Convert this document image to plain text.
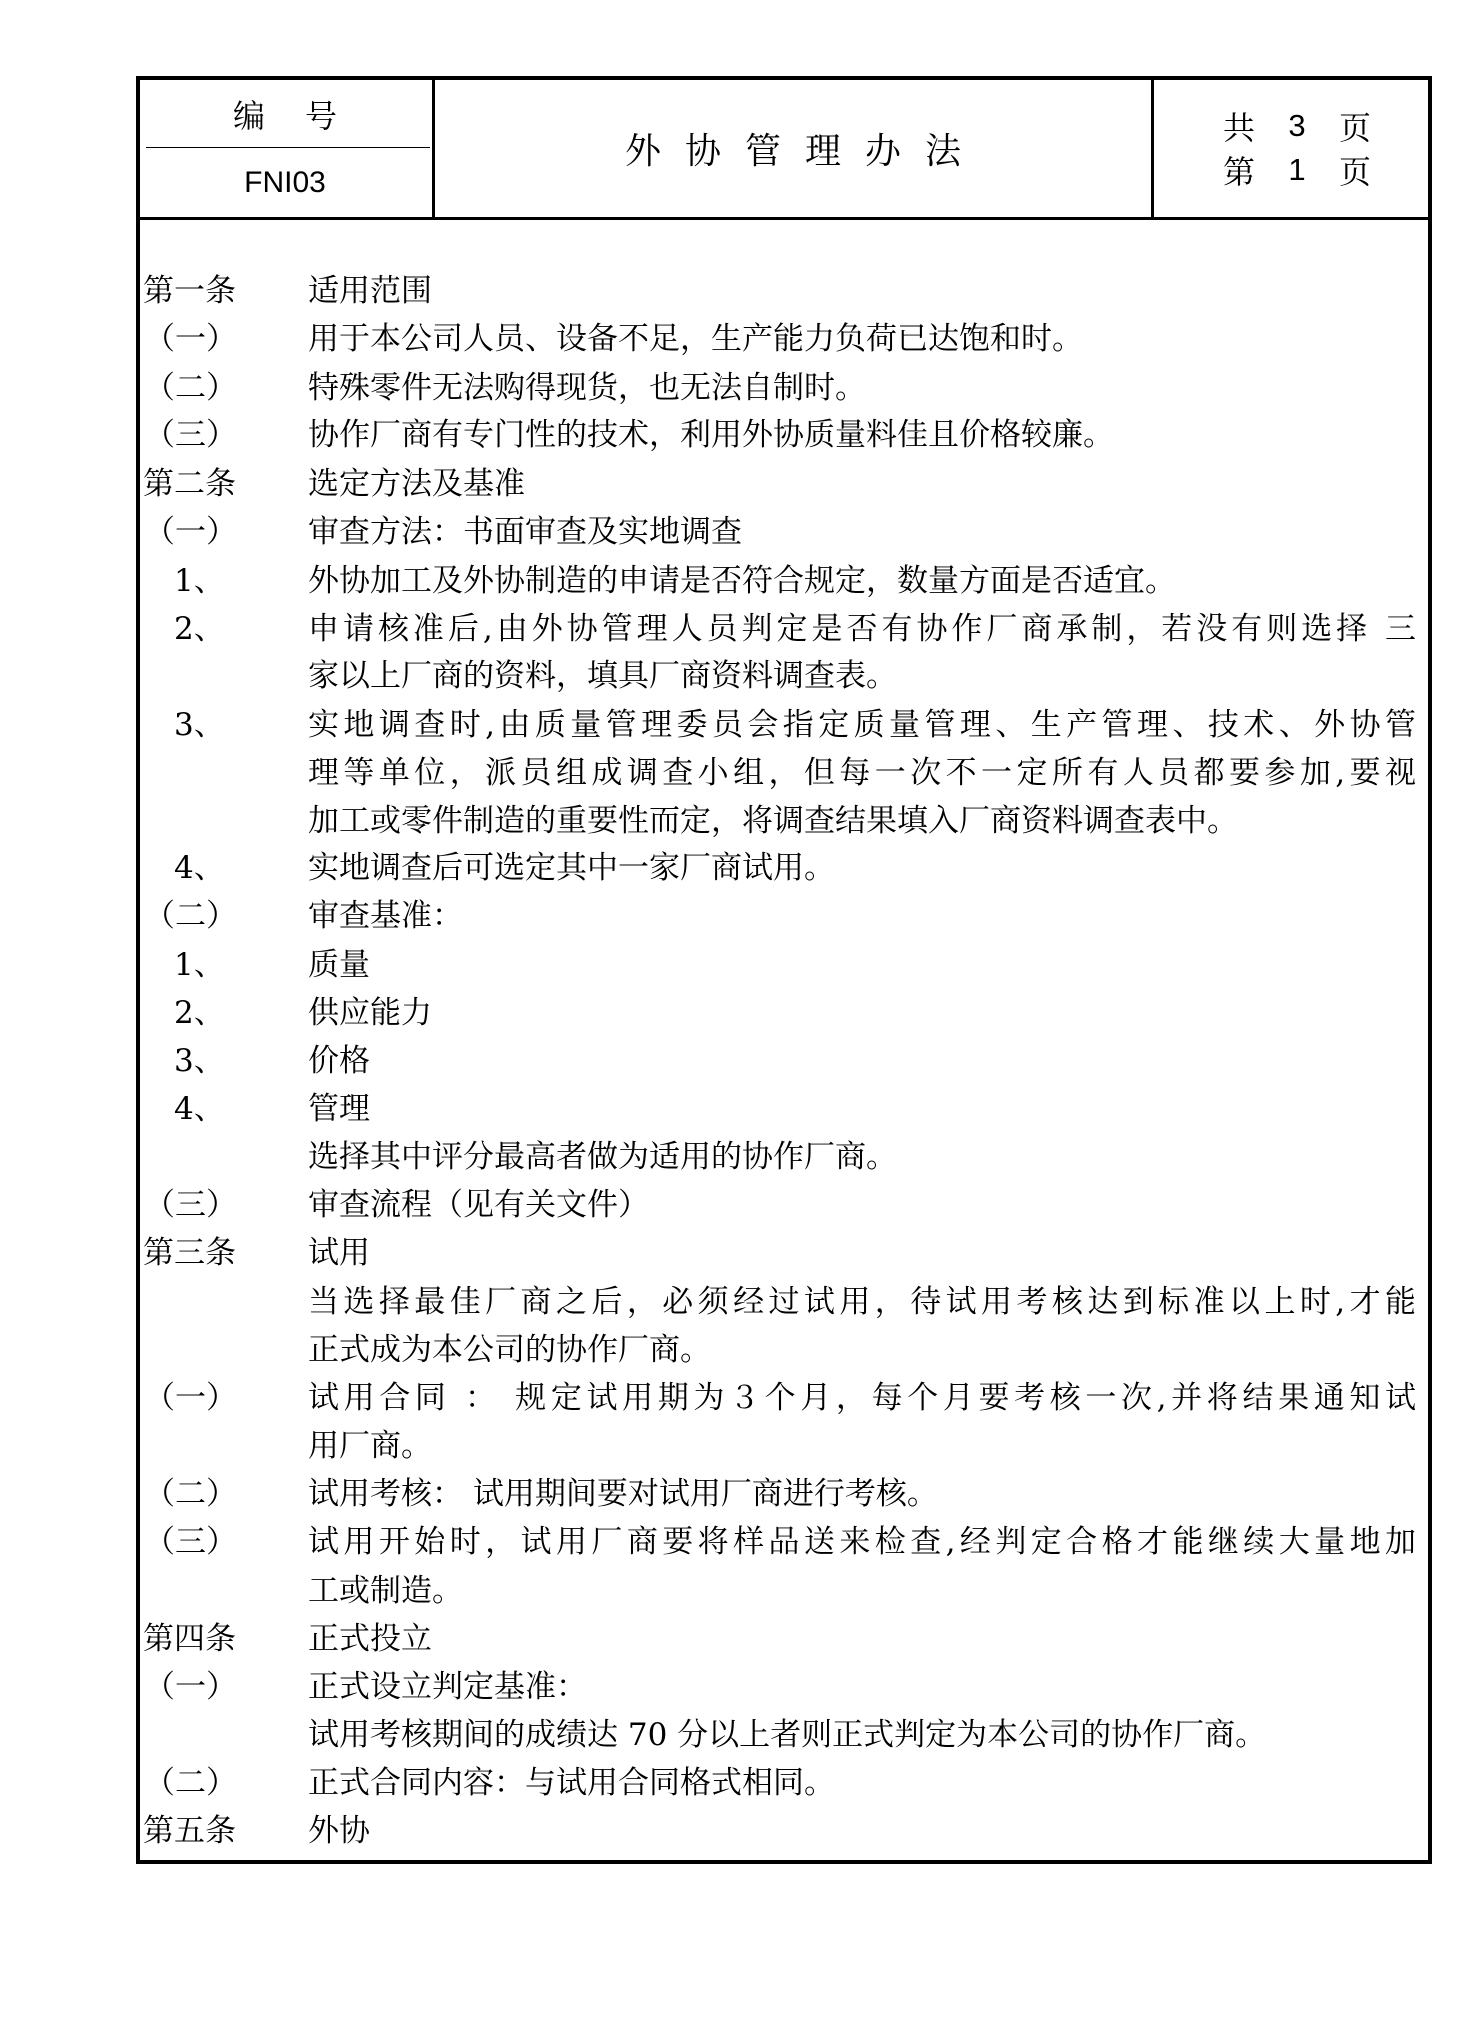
编号
FNI03
外协管理办法
共	3	页
第	1	页
第一条 适用范围
（一） 用于本公司人员、设备不足，生产能力负荷已达饱和时。
（二） 特殊零件无法购得现货，也无法自制时。
（三） 协作厂商有专门性的技术，利用外协质量料佳且价格较廉。
第二条 选定方法及基准
（一） 审查方法：书面审查及实地调查
1、	外协加工及外协制造的申请是否符合规定，数量方面是否适宜。
2、	申请核准后,由外协管理人员判定是否有协作厂商承制，若没有则选择 三
家以上厂商的资料，填具厂商资料调查表。
3、	实地调查时,由质量管理委员会指定质量管理、生产管理、技术、外协管
理等单位，派员组成调查小组，但每一次不一定所有人员都要参加,要视
加工或零件制造的重要性而定，将调查结果填入厂商资料调查表中。
4、	实地调查后可选定其中一家厂商试用。
（二） 审查基准：
1、	质量
2、	供应能力
3、	价格
4、	管理
选择其中评分最高者做为适用的协作厂商。
（三） 审查流程（见有关文件）
第三条 试用
当选择最佳厂商之后，必须经过试用，待试用考核达到标准以上时,才能
正式成为本公司的协作厂商。
（一） 试用合同 ： 规定试用期为３个月，每个月要考核一次,并将结果通知试
用厂商。
（二） 试用考核： 试用期间要对试用厂商进行考核。
（三） 试用开始时，试用厂商要将样品送来检查,经判定合格才能继续大量地加
工或制造。
第四条 正式投立
（一） 正式设立判定基准：
试用考核期间的成绩达 70 分以上者则正式判定为本公司的协作厂商。
（二） 正式合同内容：与试用合同格式相同。
第五条 外协
